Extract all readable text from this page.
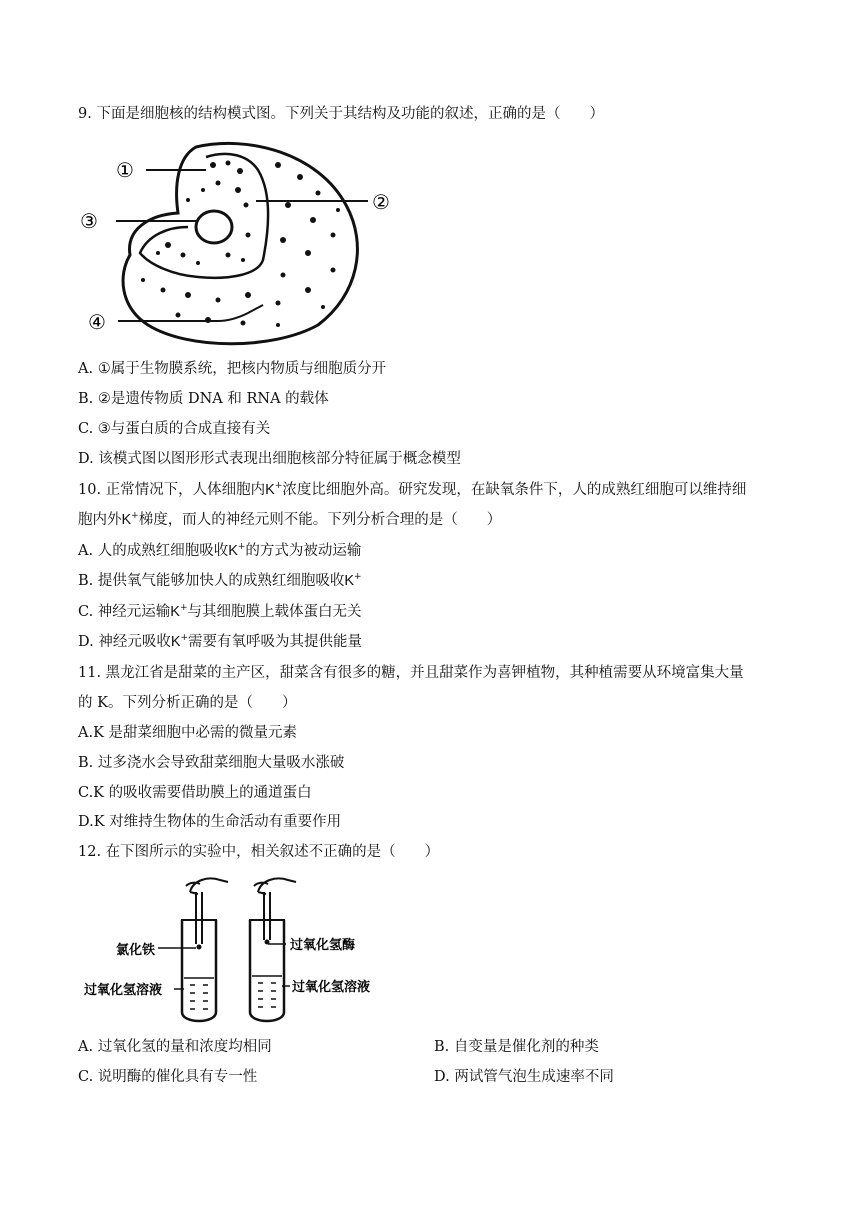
9. 下面是细胞核的结构模式图。下列关于其结构及功能的叙述，正确的是（　　）
①
②
③
④
A. ①属于生物膜系统，把核内物质与细胞质分开
B. ②是遗传物质 DNA 和 RNA 的载体
C. ③与蛋白质的合成直接有关
D. 该模式图以图形形式表现出细胞核部分特征属于概念模型
10. 正常情况下，人体细胞内K+浓度比细胞外高。研究发现，在缺氧条件下，人的成熟红细胞可以维持细
胞内外K+梯度，而人的神经元则不能。下列分析合理的是（　　）
A. 人的成熟红细胞吸收K+的方式为被动运输
B. 提供氧气能够加快人的成熟红细胞吸收K+
C. 神经元运输K+与其细胞膜上载体蛋白无关
D. 神经元吸收K+需要有氧呼吸为其提供能量
11. 黑龙江省是甜菜的主产区，甜菜含有很多的糖，并且甜菜作为喜钾植物，其种植需要从环境富集大量
的 K。下列分析正确的是（　　）
A.K 是甜菜细胞中必需的微量元素
B. 过多浇水会导致甜菜细胞大量吸水涨破
C.K 的吸收需要借助膜上的通道蛋白
D.K 对维持生物体的生命活动有重要作用
12. 在下图所示的实验中，相关叙述不正确的是（　　）
氯化铁
过氧化氢溶液
过氧化氢酶
过氧化氢溶液
A. 过氧化氢的量和浓度均相同	B. 自变量是催化剂的种类
C. 说明酶的催化具有专一性	D. 两试管气泡生成速率不同
